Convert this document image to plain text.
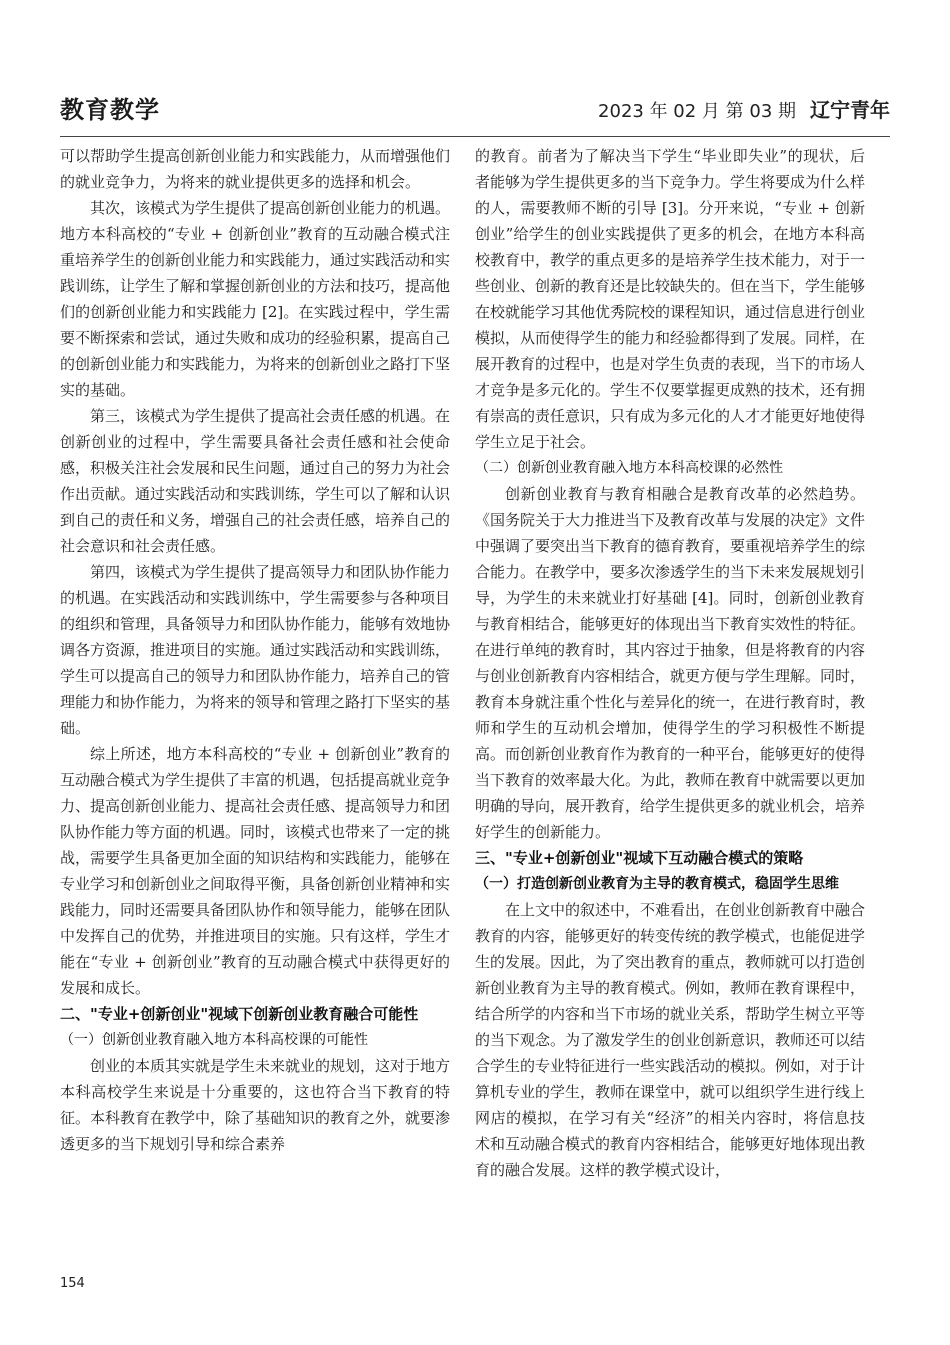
教育教学	2023 年 02 月 第 03 期 辽宁青年

可以帮助学生提高创新创业能力和实践能力，从而增强他们的就业竞争力，为将来的就业提供更多的选择和机会。

其次，该模式为学生提供了提高创新创业能力的机遇。地方本科高校的“专业 + 创新创业”教育的互动融合模式注重培养学生的创新创业能力和实践能力，通过实践活动和实践训练，让学生了解和掌握创新创业的方法和技巧，提高他们的创新创业能力和实践能力 [2]。在实践过程中，学生需要不断探索和尝试，通过失败和成功的经验积累，提高自己的创新创业能力和实践能力，为将来的创新创业之路打下坚实的基础。

第三，该模式为学生提供了提高社会责任感的机遇。在创新创业的过程中，学生需要具备社会责任感和社会使命感，积极关注社会发展和民生问题，通过自己的努力为社会作出贡献。通过实践活动和实践训练，学生可以了解和认识到自己的责任和义务，增强自己的社会责任感，培养自己的社会意识和社会责任感。

第四，该模式为学生提供了提高领导力和团队协作能力的机遇。在实践活动和实践训练中，学生需要参与各种项目的组织和管理，具备领导力和团队协作能力，能够有效地协调各方资源，推进项目的实施。通过实践活动和实践训练，学生可以提高自己的领导力和团队协作能力，培养自己的管理能力和协作能力，为将来的领导和管理之路打下坚实的基础。

综上所述，地方本科高校的“专业 + 创新创业”教育的互动融合模式为学生提供了丰富的机遇，包括提高就业竞争力、提高创新创业能力、提高社会责任感、提高领导力和团队协作能力等方面的机遇。同时，该模式也带来了一定的挑战，需要学生具备更加全面的知识结构和实践能力，能够在专业学习和创新创业之间取得平衡，具备创新创业精神和实践能力，同时还需要具备团队协作和领导能力，能够在团队中发挥自己的优势，并推进项目的实施。只有这样，学生才能在“专业 + 创新创业”教育的互动融合模式中获得更好的发展和成长。

二、"专业+创新创业"视域下创新创业教育融合可能性
（一）创新创业教育融入地方本科高校课的可能性

创业的本质其实就是学生未来就业的规划，这对于地方本科高校学生来说是十分重要的，这也符合当下教育的特征。本科教育在教学中，除了基础知识的教育之外，就要渗透更多的当下规划引导和综合素养

的教育。前者为了解决当下学生“毕业即失业”的现状，后者能够为学生提供更多的当下竞争力。学生将要成为什么样的人，需要教师不断的引导 [3]。分开来说，“专业 + 创新创业”给学生的创业实践提供了更多的机会，在地方本科高校教育中，教学的重点更多的是培养学生技术能力，对于一些创业、创新的教育还是比较缺失的。但在当下，学生能够在校就能学习其他优秀院校的课程知识，通过信息进行创业模拟，从而使得学生的能力和经验都得到了发展。同样，在展开教育的过程中，也是对学生负责的表现，当下的市场人才竞争是多元化的。学生不仅要掌握更成熟的技术，还有拥有崇高的责任意识，只有成为多元化的人才才能更好地使得学生立足于社会。

（二）创新创业教育融入地方本科高校课的必然性

创新创业教育与教育相融合是教育改革的必然趋势。《国务院关于大力推进当下及教育改革与发展的决定》文件中强调了要突出当下教育的德育教育，要重视培养学生的综合能力。在教学中，要多次渗透学生的当下未来发展规划引导，为学生的未来就业打好基础 [4]。同时，创新创业教育与教育相结合，能够更好的体现出当下教育实效性的特征。在进行单纯的教育时，其内容过于抽象，但是将教育的内容与创业创新教育内容相结合，就更方便与学生理解。同时，教育本身就注重个性化与差异化的统一，在进行教育时，教师和学生的互动机会增加，使得学生的学习积极性不断提高。而创新创业教育作为教育的一种平台，能够更好的使得当下教育的效率最大化。为此，教师在教育中就需要以更加明确的导向，展开教育，给学生提供更多的就业机会，培养好学生的创新能力。

三、"专业+创新创业"视域下互动融合模式的策略
（一）打造创新创业教育为主导的教育模式，稳固学生思维

在上文中的叙述中，不难看出，在创业创新教育中融合教育的内容，能够更好的转变传统的教学模式，也能促进学生的发展。因此，为了突出教育的重点，教师就可以打造创新创业教育为主导的教育模式。例如，教师在教育课程中，结合所学的内容和当下市场的就业关系，帮助学生树立平等的当下观念。为了激发学生的创业创新意识，教师还可以结合学生的专业特征进行一些实践活动的模拟。例如，对于计算机专业的学生，教师在课堂中，就可以组织学生进行线上网店的模拟，在学习有关“经济”的相关内容时，将信息技术和互动融合模式的教育内容相结合，能够更好地体现出教育的融合发展。这样的教学模式设计，

154
